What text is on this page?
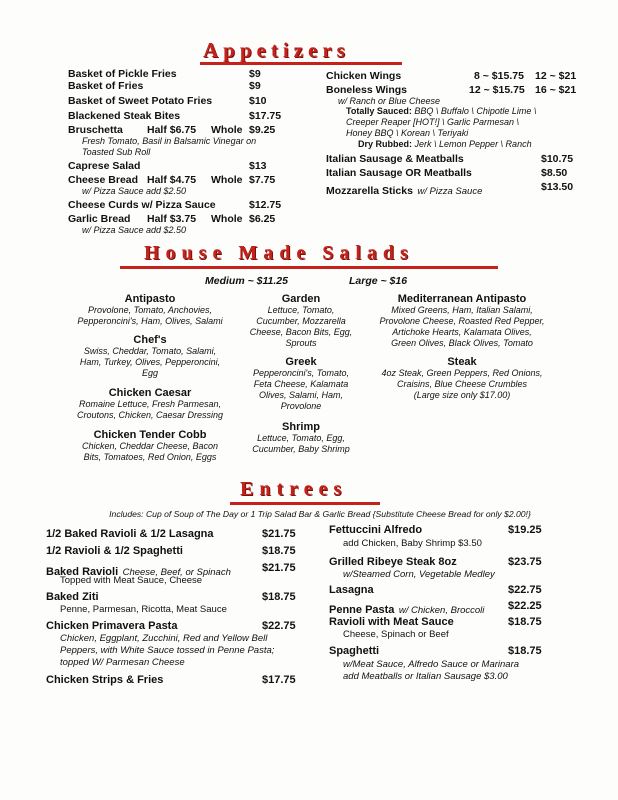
Appetizers
Basket of Pickle Fries	$9
Basket of Fries	$9
Basket of Sweet Potato Fries	$10
Blackened Steak Bites	$17.75
Bruschetta Half $6.75 Whole $9.25
Fresh Tomato, Basil in Balsamic Vinegar on
Toasted Sub Roll
Caprese Salad	$13
Cheese Bread Half $4.75 Whole $7.75
w/ Pizza Sauce add $2.50
Cheese Curds w/ Pizza Sauce	$12.75
Garlic Bread Half $3.75 Whole $6.25
w/ Pizza Sauce add $2.50
Chicken Wings	8 ~ $15.75 12 ~ $21
Boneless Wings	12 ~ $15.75 16 ~ $21
w/ Ranch or Blue Cheese
Totally Sauced: BBQ \ Buffalo \ Chipotle Lime \
Creeper Reaper [HOT!] \ Garlic Parmesan \
Honey BBQ \ Korean \ Teriyaki
Dry Rubbed: Jerk \ Lemon Pepper \ Ranch
Italian Sausage & Meatballs	$10.75
Italian Sausage OR Meatballs	$8.50
Mozzarella Sticks w/ Pizza Sauce	$13.50
House Made Salads
Medium ~ $11.25	Large ~ $16
Antipasto
Provolone, Tomato, Anchovies,
Pepperoncini's, Ham, Olives, Salami
Chef's
Swiss, Cheddar, Tomato, Salami,
Ham, Turkey, Olives, Pepperoncini,
Egg
Chicken Caesar
Romaine Lettuce, Fresh Parmesan,
Croutons, Chicken, Caesar Dressing
Chicken Tender Cobb
Chicken, Cheddar Cheese, Bacon
Bits, Tomatoes, Red Onion, Eggs
Garden
Lettuce, Tomato,
Cucumber, Mozzarella
Cheese, Bacon Bits, Egg,
Sprouts
Greek
Pepperoncini's, Tomato,
Feta Cheese, Kalamata
Olives, Salami, Ham,
Provolone
Shrimp
Lettuce, Tomato, Egg,
Cucumber, Baby Shrimp
Mediterranean Antipasto
Mixed Greens, Ham, Italian Salami,
Provolone Cheese, Roasted Red Pepper,
Artichoke Hearts, Kalamata Olives,
Green Olives, Black Olives, Tomato
Steak
4oz Steak, Green Peppers, Red Onions,
Craisins, Blue Cheese Crumbles
(Large size only $17.00)
Entrees
Includes: Cup of Soup of The Day or 1 Trip Salad Bar & Garlic Bread {Substitute Cheese Bread for only $2.00!}
1/2 Baked Ravioli & 1/2 Lasagna	$21.75
1/2 Ravioli & 1/2 Spaghetti	$18.75
Baked Ravioli Cheese, Beef, or Spinach	$21.75
Topped with Meat Sauce, Cheese
Baked Ziti	$18.75
Penne, Parmesan, Ricotta, Meat Sauce
Chicken Primavera Pasta	$22.75
Chicken, Eggplant, Zucchini, Red and Yellow Bell
Peppers, with White Sauce tossed in Penne Pasta;
topped W/ Parmesan Cheese
Chicken Strips & Fries	$17.75
Fettuccini Alfredo	$19.25
add Chicken, Baby Shrimp $3.50
Grilled Ribeye Steak 8oz	$23.75
w/Steamed Corn, Vegetable Medley
Lasagna	$22.75
Penne Pasta w/ Chicken, Broccoli $22.25
Ravioli with Meat Sauce	$18.75
Cheese, Spinach or Beef
Spaghetti	$18.75
w/Meat Sauce, Alfredo Sauce or Marinara
add Meatballs or Italian Sausage $3.00
